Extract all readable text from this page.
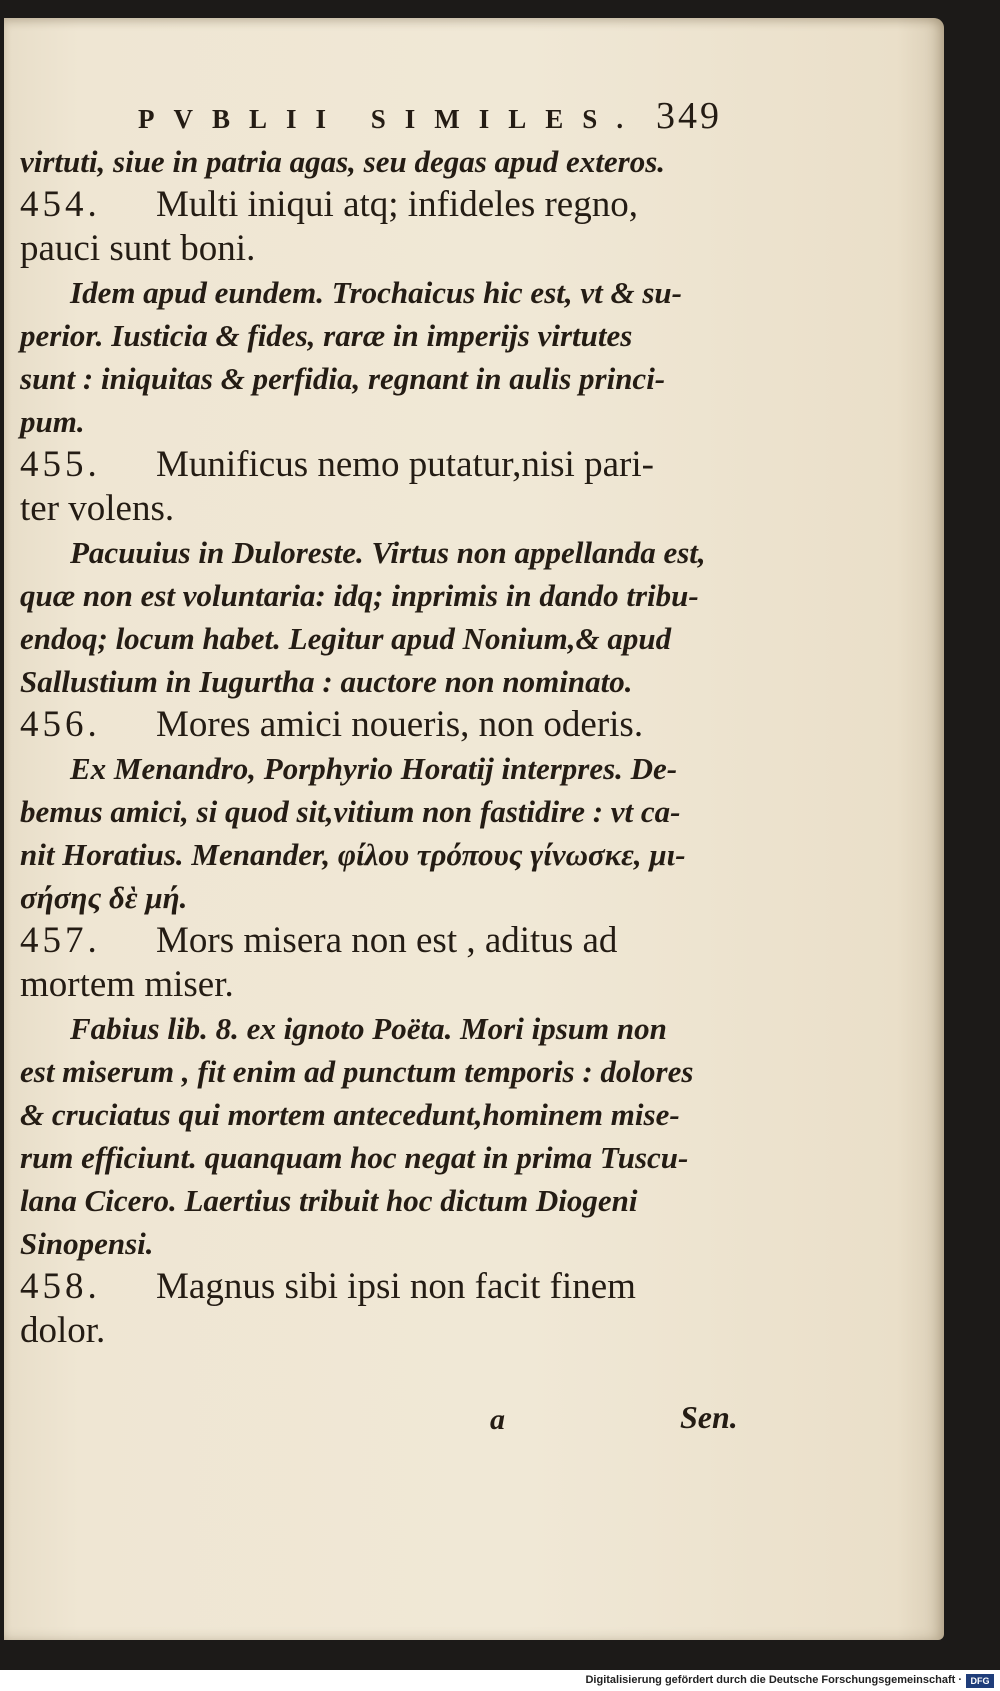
PVBLII SIMILES. 349
virtuti, siue in patria agas, seu degas apud exteros.
454. Multi iniqui atq; infideles regno,
pauci sunt boni.
Idem apud eundem. Trochaicus hic est, vt & su-
perior. Iusticia & fides, raræ in imperijs virtutes
sunt : iniquitas & perfidia, regnant in aulis princi-
pum.
455. Munificus nemo putatur,nisi pari-
ter volens.
Pacuuius in Duloreste. Virtus non appellanda est,
quæ non est voluntaria: idq; inprimis in dando tribu-
endoq; locum habet. Legitur apud Nonium,& apud
Sallustium in Iugurtha : auctore non nominato.
456. Mores amici noueris, non oderis.
Ex Menandro, Porphyrio Horatij interpres. De-
bemus amici, si quod sit,vitium non fastidire : vt ca-
nit Horatius. Menander, φίλου τρόπους γίνωσκε, μι-
σήσης δὲ μή.
457. Mors misera non est , aditus ad
mortem miser.
Fabius lib. 8. ex ignoto Poëta. Mori ipsum non
est miserum , fit enim ad punctum temporis : dolores
& cruciatus qui mortem antecedunt,hominem mise-
rum efficiunt. quanquam hoc negat in prima Tuscu-
lana Cicero. Laertius tribuit hoc dictum Diogeni
Sinopensi.
458. Magnus sibi ipsi non facit finem
dolor.
a	Sen.
Digitalisierung gefördert durch die Deutsche Forschungsgemeinschaft · DFG
